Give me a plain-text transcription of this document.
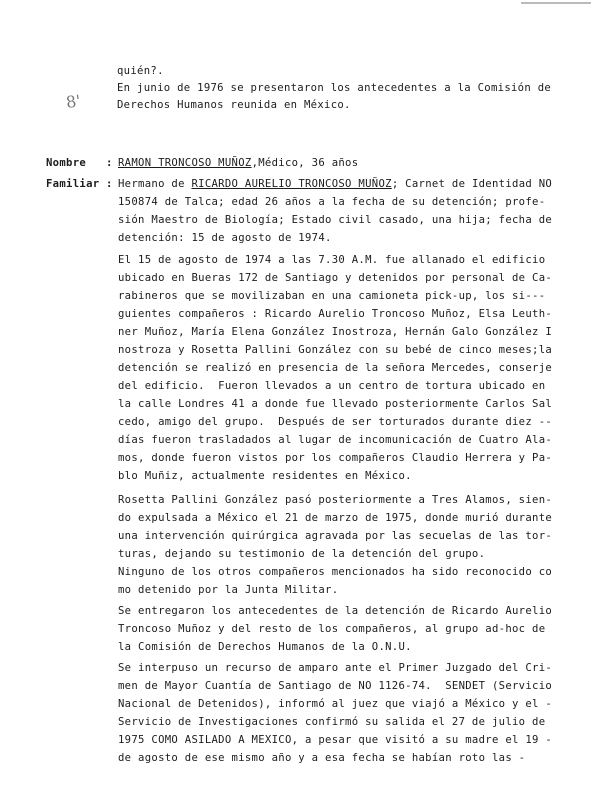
quién?.
En junio de 1976 se presentaron los antecedentes a la Comisión de
Derechos Humanos reunida en México.
8'
Nombre : RAMON TRONCOSO MUÑOZ,Médico, 36 años
Familiar : Hermano de RICARDO AURELIO TRONCOSO MUÑOZ; Carnet de Identidad NO
150874 de Talca; edad 26 años a la fecha de su detención; profe-
sión Maestro de Biología; Estado civil casado, una hija; fecha de
detención: 15 de agosto de 1974.
El 15 de agosto de 1974 a las 7.30 A.M. fue allanado el edificio
ubicado en Bueras 172 de Santiago y detenidos por personal de Ca-
rabineros que se movilizaban en una camioneta pick-up, los si---
guientes compañeros : Ricardo Aurelio Troncoso Muñoz, Elsa Leuth-
ner Muñoz, María Elena González Inostroza, Hernán Galo González I
nostroza y Rosetta Pallini González con su bebé de cinco meses;la
detención se realizó en presencia de la señora Mercedes, conserje
del edificio.  Fueron llevados a un centro de tortura ubicado en
la calle Londres 41 a donde fue llevado posteriormente Carlos Sal
cedo, amigo del grupo.  Después de ser torturados durante diez --
días fueron trasladados al lugar de incomunicación de Cuatro Ala-
mos, donde fueron vistos por los compañeros Claudio Herrera y Pa-
blo Muñiz, actualmente residentes en México.
Rosetta Pallini González pasó posteriormente a Tres Alamos, sien-
do expulsada a México el 21 de marzo de 1975, donde murió durante
una intervención quirúrgica agravada por las secuelas de las tor-
turas, dejando su testimonio de la detención del grupo.
Ninguno de los otros compañeros mencionados ha sido reconocido co
mo detenido por la Junta Militar.
Se entregaron los antecedentes de la detención de Ricardo Aurelio
Troncoso Muñoz y del resto de los compañeros, al grupo ad-hoc de
la Comisión de Derechos Humanos de la O.N.U.
Se interpuso un recurso de amparo ante el Primer Juzgado del Cri-
men de Mayor Cuantía de Santiago de NO 1126-74.  SENDET (Servicio
Nacional de Detenidos), informó al juez que viajó a México y el -
Servicio de Investigaciones confirmó su salida el 27 de julio de
1975 COMO ASILADO A MEXICO, a pesar que visitó a su madre el 19 -
de agosto de ese mismo año y a esa fecha se habían roto las -
